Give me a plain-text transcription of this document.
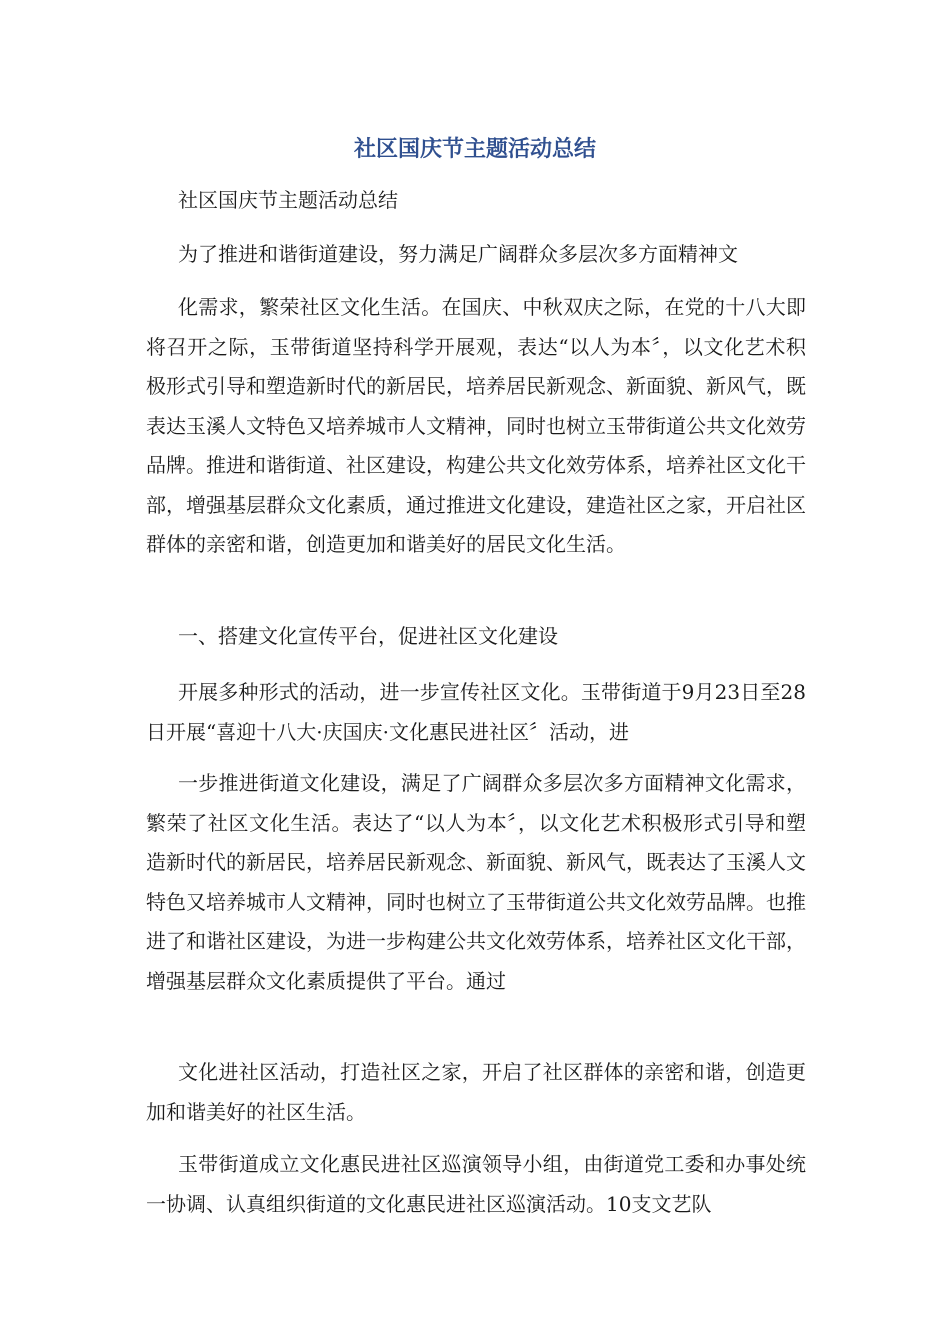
社区国庆节主题活动总结

社区国庆节主题活动总结

为了推进和谐街道建设，努力满足广阔群众多层次多方面精神文

化需求，繁荣社区文化生活。在国庆、中秋双庆之际，在党的十八大即将召开之际，玉带街道坚持科学开展观，表达“以人为本〞，以文化艺术积极形式引导和塑造新时代的新居民，培养居民新观念、新面貌、新风气，既表达玉溪人文特色又培养城市人文精神，同时也树立玉带街道公共文化效劳品牌。推进和谐街道、社区建设，构建公共文化效劳体系，培养社区文化干部，增强基层群众文化素质，通过推进文化建设，建造社区之家，开启社区群体的亲密和谐，创造更加和谐美好的居民文化生活。

一、搭建文化宣传平台，促进社区文化建设

开展多种形式的活动，进一步宣传社区文化。玉带街道于9月23日至28日开展“喜迎十八大·庆国庆·文化惠民进社区〞活动，进

一步推进街道文化建设，满足了广阔群众多层次多方面精神文化需求，繁荣了社区文化生活。表达了“以人为本〞，以文化艺术积极形式引导和塑造新时代的新居民，培养居民新观念、新面貌、新风气，既表达了玉溪人文特色又培养城市人文精神，同时也树立了玉带街道公共文化效劳品牌。也推进了和谐社区建设，为进一步构建公共文化效劳体系，培养社区文化干部，增强基层群众文化素质提供了平台。通过

文化进社区活动，打造社区之家，开启了社区群体的亲密和谐，创造更加和谐美好的社区生活。

玉带街道成立文化惠民进社区巡演领导小组，由街道党工委和办事处统一协调、认真组织街道的文化惠民进社区巡演活动。10支文艺队
